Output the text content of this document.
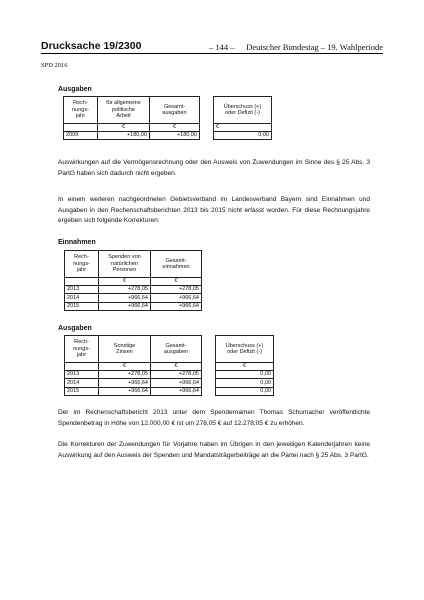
Drucksache 19/2300	– 144 – Deutscher Bundestag – 19. Wahlperiode
SPD 2016
Ausgaben
Rech-
nungs-
jahr	für allgemeine
politische
Arbeit	Gesamt-
ausgaben		Überschuss (+)
oder Defizit (-)
	€	€		€
2009	+180,00	+180,00		0,00
Auswirkungen auf die Vermögensrechnung oder den Ausweis von Zuwendungen im Sinne des § 25 Abs. 3 PartG haben sich dadurch nicht ergeben.
In einem weiteren nachgeordneten Gebietsverband im Landesverband Bayern sind Einnahmen und Ausgaben in den Rechenschaftsberichten 2013 bis 2015 nicht erfasst worden. Für diese Rechnungsjahre ergeben sich folgende Korrekturen:
Einnahmen
Rech-
nungs-
jahr	Spenden von
natürlichen
Personen	Gesamt-
einnahmen
	€	€
2013	+278,05	+278,05
2014	+966,64	+966,64
2015	+966,64	+966,64
Ausgaben
Rech-
nungs-
jahr	Sonstige
Zinsen	Gesamt-
ausgaben		Überschuss (+)
oder Defizit (-)
	€	€		€
2013	+278,05	+278,05		0,00
2014	+966,64	+966,64		0,00
2015	+966,64	+966,64		0,00
Der im Rechenschaftsbericht 2013 unter dem Spendernamen Thomas Schumacher veröffentlichte Spendenbetrag in Höhe von 12.000,00 € ist um 278,05 € auf 12.278,05 € zu erhöhen.
Die Korrekturen der Zuwendungen für Vorjahre haben im Übrigen in den jeweiligen Kalenderjahren keine Auswirkung auf den Ausweis der Spenden und Mandatsträgerbeiträge an die Partei nach § 25 Abs. 3 PartG.
